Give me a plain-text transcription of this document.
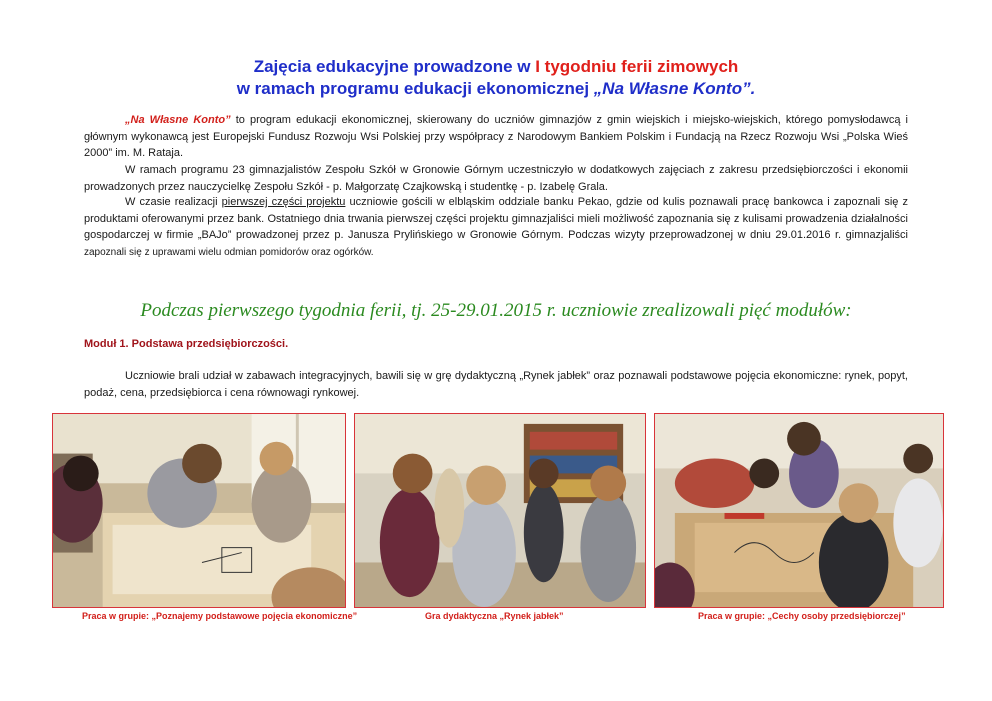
Zajęcia edukacyjne prowadzone w I tygodniu ferii zimowych
w ramach programu edukacji ekonomicznej „Na Własne Konto”.

„Na Własne Konto” to program edukacji ekonomicznej, skierowany do uczniów gimnazjów z gmin wiejskich i miejsko-wiejskich, którego pomysłodawcą i głównym wykonawcą jest Europejski Fundusz Rozwoju Wsi Polskiej przy współpracy z Narodowym Bankiem Polskim i Fundacją na Rzecz Rozwoju Wsi „Polska Wieś 2000” im. M. Rataja.

W ramach programu 23 gimnazjalistów Zespołu Szkół w Gronowie Górnym uczestniczyło w dodatkowych zajęciach z zakresu przedsiębiorczości i ekonomii prowadzonych przez nauczycielkę Zespołu Szkół - p. Małgorzatę Czajkowską i studentkę - p. Izabelę Grala.

W czasie realizacji pierwszej części projektu uczniowie gościli w elbląskim oddziale banku Pekao, gdzie od kulis poznawali pracę bankowca i zapoznali się z produktami oferowanymi przez bank. Ostatniego dnia trwania pierwszej części projektu gimnazjaliści mieli możliwość zapoznania się z kulisami prowadzenia działalności gospodarczej w firmie „BAJo” prowadzonej przez p. Janusza Prylińskiego w Gronowie Górnym. Podczas wizyty przeprowadzonej w dniu 29.01.2016 r. gimnazjaliści zapoznali się z uprawami wielu odmian pomidorów oraz ogórków.

Podczas pierwszego tygodnia ferii, tj. 25-29.01.2015 r. uczniowie zrealizowali pięć modułów:
Moduł 1. Podstawa przedsiębiorczości.

Uczniowie brali udział w zabawach integracyjnych, bawili się w grę dydaktyczną „Rynek jabłek” oraz poznawali podstawowe pojęcia ekonomiczne: rynek, popyt, podaż, cena, przedsiębiorca i cena równowagi rynkowej.

Praca w grupie: „Poznajemy podstawowe pojęcia ekonomiczne”	Gra dydaktyczna „Rynek jabłek”	Praca w grupie: „Cechy osoby przedsiębiorczej”
